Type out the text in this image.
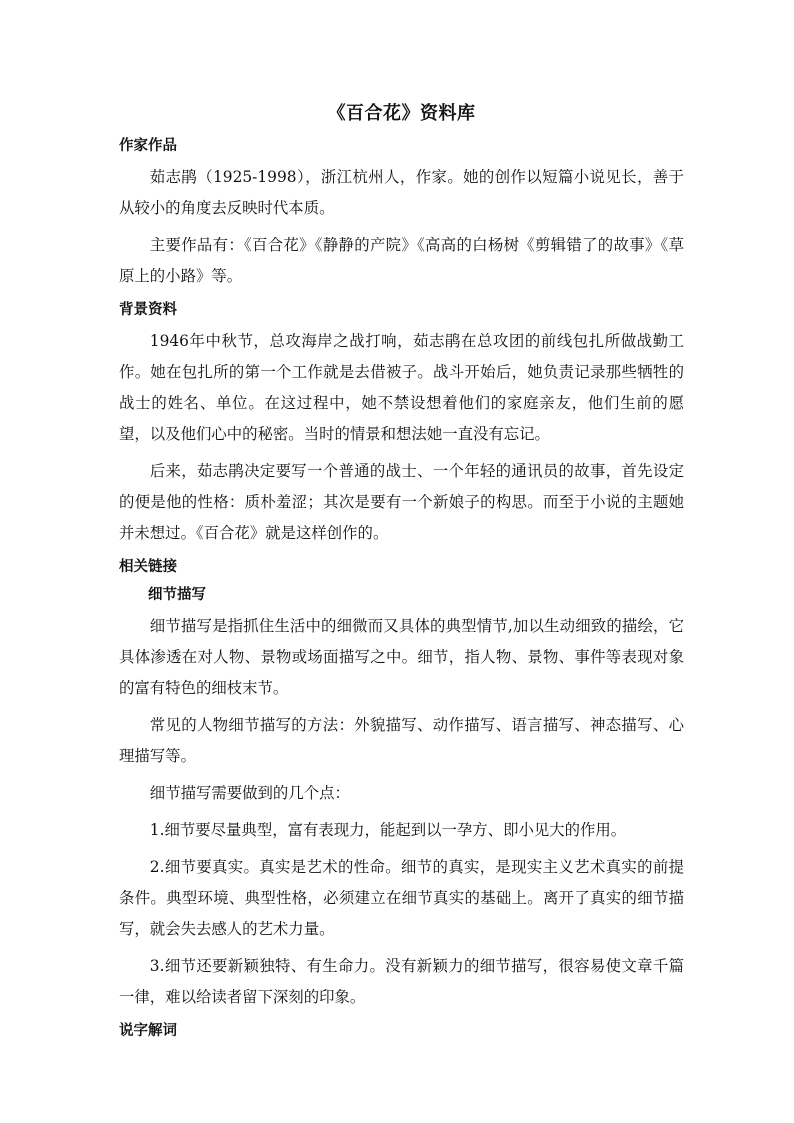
《百合花》资料库
作家作品

茹志鹃（1925-1998），浙江杭州人，作家。她的创作以短篇小说见长，善于从较小的角度去反映时代本质。

主要作品有：《百合花》《静静的产院》《高高的白杨树《剪辑错了的故事》《草原上的小路》等。

背景资料

1946年中秋节，总攻海岸之战打响，茹志鹃在总攻团的前线包扎所做战勤工作。她在包扎所的第一个工作就是去借被子。战斗开始后，她负责记录那些牺牲的战士的姓名、单位。在这过程中，她不禁设想着他们的家庭亲友，他们生前的愿望，以及他们心中的秘密。当时的情景和想法她一直没有忘记。

后来，茹志鹃决定要写一个普通的战士、一个年轻的通讯员的故事，首先设定的便是他的性格：质朴羞涩；其次是要有一个新娘子的构思。而至于小说的主题她并未想过。《百合花》就是这样创作的。

相关链接
细节描写

细节描写是指抓住生活中的细微而又具体的典型情节,加以生动细致的描绘，它具体渗透在对人物、景物或场面描写之中。细节，指人物、景物、事件等表现对象的富有特色的细枝末节。

常见的人物细节描写的方法：外貌描写、动作描写、语言描写、神态描写、心理描写等。

细节描写需要做到的几个点：

1.细节要尽量典型，富有表现力，能起到以一孕方、即小见大的作用。

2.细节要真实。真实是艺术的性命。细节的真实，是现实主义艺术真实的前提条件。典型环境、典型性格，必须建立在细节真实的基础上。离开了真实的细节描写，就会失去感人的艺术力量。

3.细节还要新颖独特、有生命力。没有新颖力的细节描写，很容易使文章千篇一律，难以给读者留下深刻的印象。

说字解词
